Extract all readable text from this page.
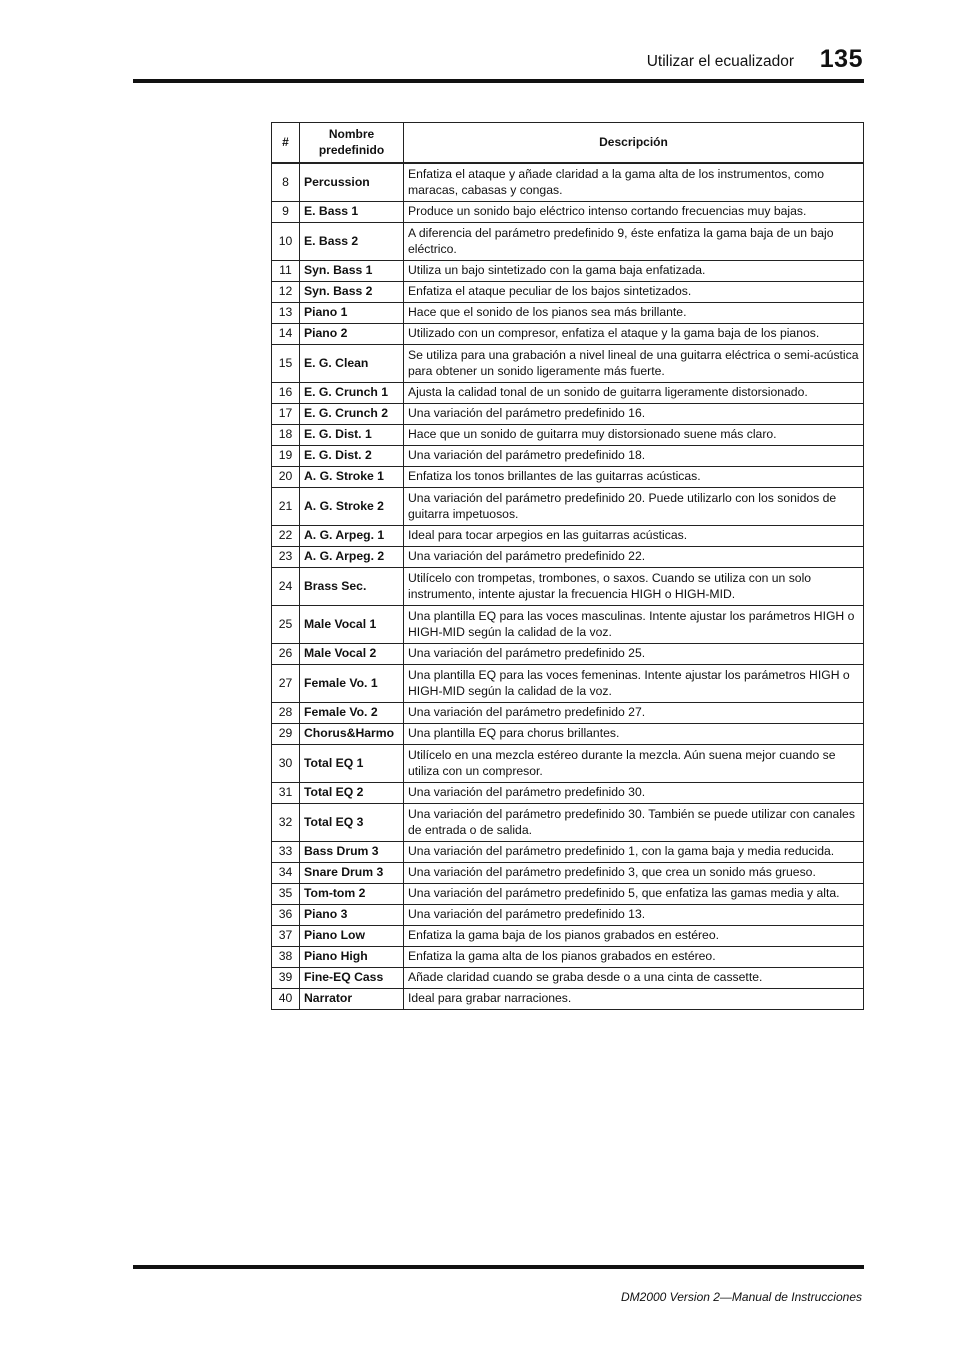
Utilizar el ecualizador 135
#	Nombre predefinido	Descripción
8	Percussion	Enfatiza el ataque y añade claridad a la gama alta de los instrumentos, como maracas, cabasas y congas.
9	E. Bass 1	Produce un sonido bajo eléctrico intenso cortando frecuencias muy bajas.
10	E. Bass 2	A diferencia del parámetro predefinido 9, éste enfatiza la gama baja de un bajo eléctrico.
11	Syn. Bass 1	Utiliza un bajo sintetizado con la gama baja enfatizada.
12	Syn. Bass 2	Enfatiza el ataque peculiar de los bajos sintetizados.
13	Piano 1	Hace que el sonido de los pianos sea más brillante.
14	Piano 2	Utilizado con un compresor, enfatiza el ataque y la gama baja de los pianos.
15	E. G. Clean	Se utiliza para una grabación a nivel lineal de una guitarra eléctrica o semi-acústica para obtener un sonido ligeramente más fuerte.
16	E. G. Crunch 1	Ajusta la calidad tonal de un sonido de guitarra ligeramente distorsionado.
17	E. G. Crunch 2	Una variación del parámetro predefinido 16.
18	E. G. Dist. 1	Hace que un sonido de guitarra muy distorsionado suene más claro.
19	E. G. Dist. 2	Una variación del parámetro predefinido 18.
20	A. G. Stroke 1	Enfatiza los tonos brillantes de las guitarras acústicas.
21	A. G. Stroke 2	Una variación del parámetro predefinido 20. Puede utilizarlo con los sonidos de guitarra impetuosos.
22	A. G. Arpeg. 1	Ideal para tocar arpegios en las guitarras acústicas.
23	A. G. Arpeg. 2	Una variación del parámetro predefinido 22.
24	Brass Sec.	Utilícelo con trompetas, trombones, o saxos. Cuando se utiliza con un solo instrumento, intente ajustar la frecuencia HIGH o HIGH-MID.
25	Male Vocal 1	Una plantilla EQ para las voces masculinas. Intente ajustar los parámetros HIGH o HIGH-MID según la calidad de la voz.
26	Male Vocal 2	Una variación del parámetro predefinido 25.
27	Female Vo. 1	Una plantilla EQ para las voces femeninas. Intente ajustar los parámetros HIGH o HIGH-MID según la calidad de la voz.
28	Female Vo. 2	Una variación del parámetro predefinido 27.
29	Chorus&Harmo	Una plantilla EQ para chorus brillantes.
30	Total EQ 1	Utilícelo en una mezcla estéreo durante la mezcla. Aún suena mejor cuando se utiliza con un compresor.
31	Total EQ 2	Una variación del parámetro predefinido 30.
32	Total EQ 3	Una variación del parámetro predefinido 30. También se puede utilizar con canales de entrada o de salida.
33	Bass Drum 3	Una variación del parámetro predefinido 1, con la gama baja y media reducida.
34	Snare Drum 3	Una variación del parámetro predefinido 3, que crea un sonido más grueso.
35	Tom-tom 2	Una variación del parámetro predefinido 5, que enfatiza las gamas media y alta.
36	Piano 3	Una variación del parámetro predefinido 13.
37	Piano Low	Enfatiza la gama baja de los pianos grabados en estéreo.
38	Piano High	Enfatiza la gama alta de los pianos grabados en estéreo.
39	Fine-EQ Cass	Añade claridad cuando se graba desde o a una cinta de cassette.
40	Narrator	Ideal para grabar narraciones.
DM2000 Version 2—Manual de Instrucciones
